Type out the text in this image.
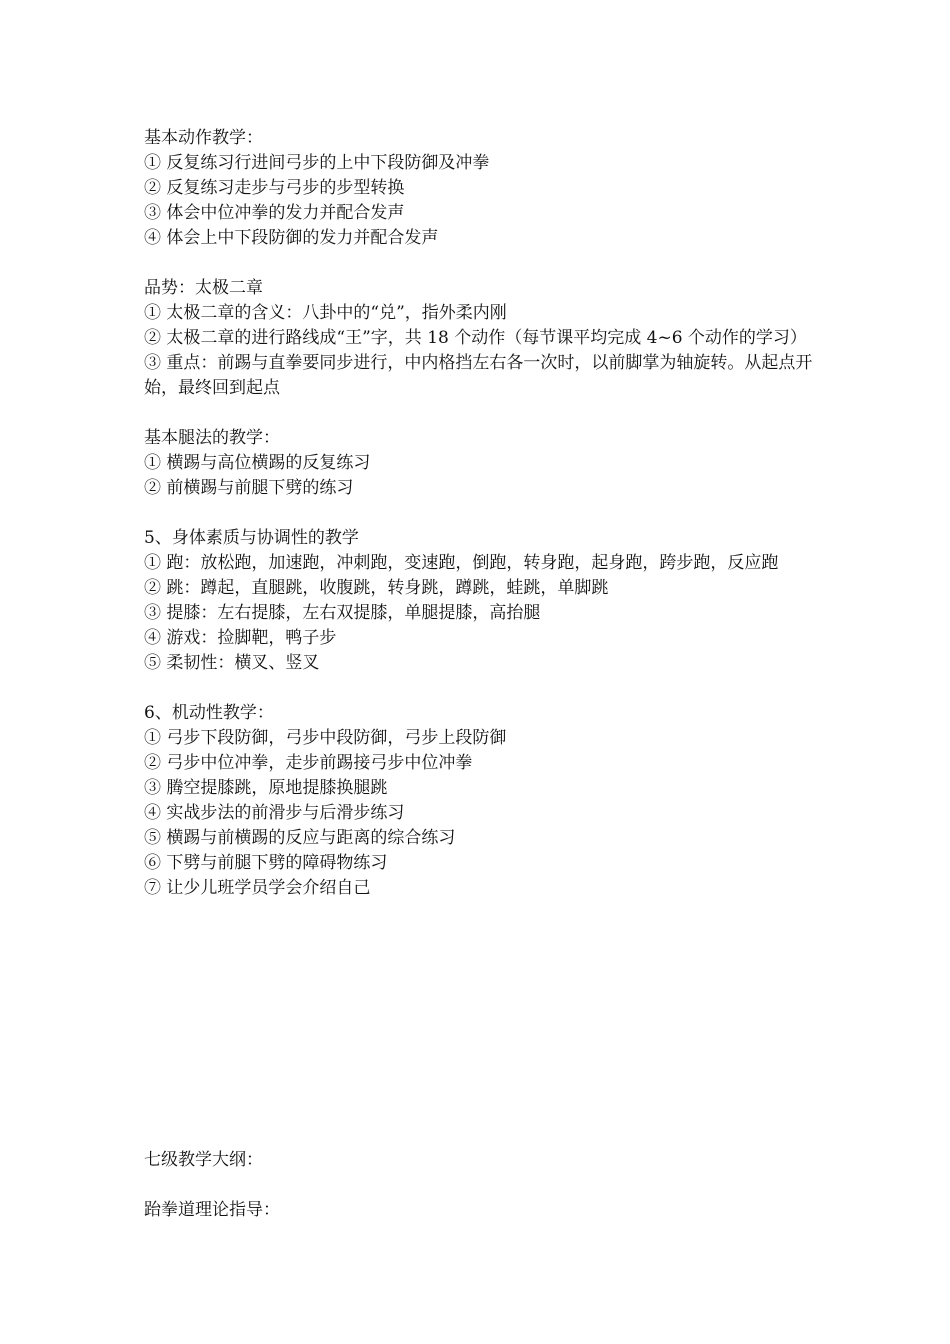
基本动作教学：
① 反复练习行进间弓步的上中下段防御及冲拳
② 反复练习走步与弓步的步型转换
③ 体会中位冲拳的发力并配合发声
④ 体会上中下段防御的发力并配合发声
品势：太极二章
① 太极二章的含义：八卦中的“兑”，指外柔内刚
② 太极二章的进行路线成“王”字，共 18 个动作（每节课平均完成 4~6 个动作的学习）
③ 重点：前踢与直拳要同步进行，中内格挡左右各一次时，以前脚掌为轴旋转。从起点开始，最终回到起点
基本腿法的教学：
① 横踢与高位横踢的反复练习
② 前横踢与前腿下劈的练习
5、身体素质与协调性的教学
① 跑：放松跑，加速跑，冲刺跑，变速跑，倒跑，转身跑，起身跑，跨步跑，反应跑
② 跳：蹲起，直腿跳，收腹跳，转身跳，蹲跳，蛙跳，单脚跳
③ 提膝：左右提膝，左右双提膝，单腿提膝，高抬腿
④ 游戏：捡脚靶，鸭子步
⑤ 柔韧性：横叉、竖叉
6、机动性教学：
① 弓步下段防御，弓步中段防御，弓步上段防御
② 弓步中位冲拳，走步前踢接弓步中位冲拳
③ 腾空提膝跳，原地提膝换腿跳
④ 实战步法的前滑步与后滑步练习
⑤ 横踢与前横踢的反应与距离的综合练习
⑥ 下劈与前腿下劈的障碍物练习
⑦ 让少儿班学员学会介绍自己
七级教学大纲：
跆拳道理论指导：
